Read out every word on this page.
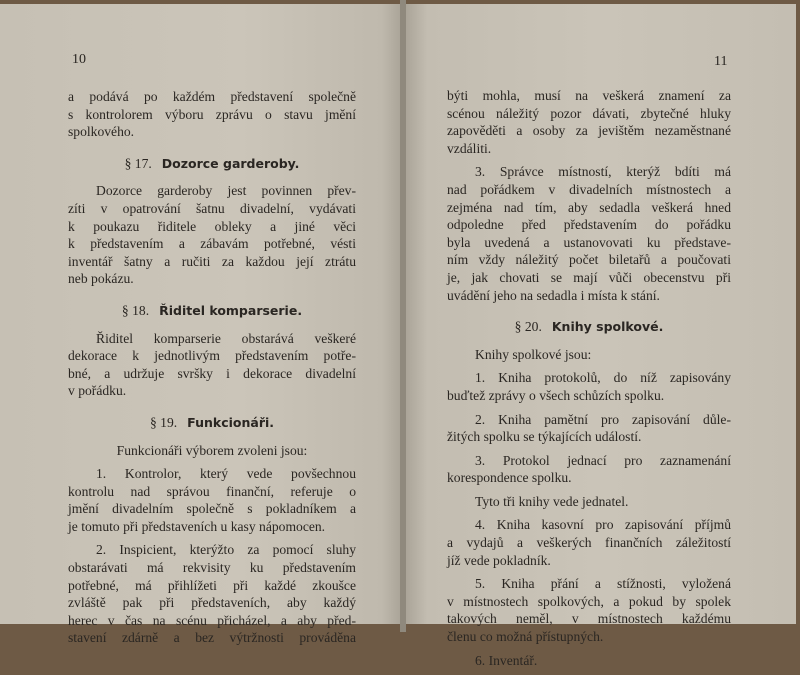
10	11
a podává po každém představení společně
s kontrolorem výboru zprávu o stavu jmění
spolkového.
§ 17. Dozorce garderoby.
Dozorce garderoby jest povinnen přev-
zíti v opatrování šatnu divadelní, vydávati
k poukazu řiditele obleky a jiné věci
k představením a zábavám potřebné, vésti
inventář šatny a ručiti za každou její ztrátu
neb pokázu.
§ 18. Řiditel komparserie.
Řiditel komparserie obstarává veškeré
dekorace k jednotlivým představením potře-
bné, a udržuje svršky i dekorace divadelní
v pořádku.
§ 19. Funkcionáři.
Funkcionáři výborem zvoleni jsou:
1. Kontrolor, který vede povšechnou
kontrolu nad správou finanční, referuje o
jmění divadelním společně s pokladníkem a
je tomuto při představeních u kasy nápomocen.
2. Inspicient, kterýžto za pomocí sluhy
obstarávati má rekvisity ku představením
potřebné, má přihlížeti při každé zkoušce
zvláště pak při představeních, aby každý
herec v čas na scénu přicházel, a aby před-
stavení zdárně a bez výtržnosti prováděna
býti mohla, musí na veškerá znamení za
scénou náležitý pozor dávati, zbytečné hluky
zapověděti a osoby za jevištěm nezaměstnané
vzdáliti.
3. Správce místností, kterýž bdíti má
nad pořádkem v divadelních místnostech a
zejména nad tím, aby sedadla veškerá hned
odpoledne před představením do pořádku
byla uvedená a ustanovovati ku představe-
ním vždy náležitý počet biletařů a poučovati
je, jak chovati se mají vůči obecenstvu při
uvádění jeho na sedadla i místa k stání.
§ 20. Knihy spolkové.
Knihy spolkové jsou:
1. Kniha protokolů, do níž zapisovány
buďtež zprávy o všech schůzích spolku.
2. Kniha pamětní pro zapisování důle-
žitých spolku se týkajících událostí.
3. Protokol jednací pro zaznamenání
korespondence spolku.
Tyto tři knihy vede jednatel.
4. Kniha kasovní pro zapisování příjmů
a vydajů a veškerých finančních záležitostí
jíž vede pokladník.
5. Kniha přání a stížnosti, vyložená
v místnostech spolkových, a pokud by spolek
takových neměl, v místnostech každému
členu co možná přístupných.
6. Inventář.
